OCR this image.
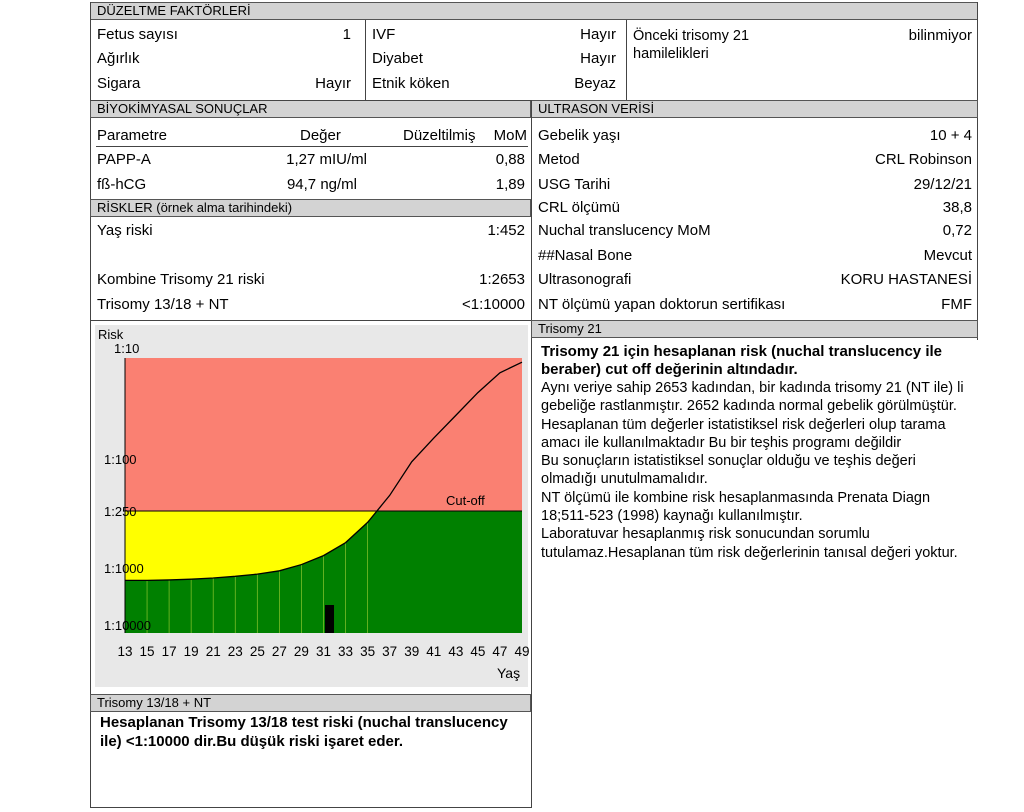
DÜZELTME FAKTÖRLERİ
Fetus sayısı	1
Ağırlık
Sigara	Hayır
IVF	Hayır
Diyabet	Hayır
Etnik köken	Beyaz
Önceki trisomy 21
hamilelikleri
bilinmiyor
BİYOKİMYASAL SONUÇLAR
Parametre	Değer	Düzeltilmiş MoM
PAPP-A	1,27 mIU/ml	0,88
fß-hCG	94,7 ng/ml	1,89
RİSKLER (örnek alma tarihindeki)
Yaş riski	1:452
Kombine Trisomy 21 riski	1:2653
Trisomy 13/18 + NT	<1:10000
ULTRASON VERİSİ
Gebelik yaşı	10 + 4
Metod	CRL Robinson
USG Tarihi	29/12/21
CRL ölçümü	38,8
Nuchal translucency MoM	0,72
##Nasal Bone	Mevcut
Ultrasonografi	KORU HASTANESİ
NT ölçümü yapan doktorun sertifikası	FMF
Risk
Yaş
Cut-off
1:10
1:100
1:250
1:1000
1:10000
13 15 17 19 21 23 25 27 29 31 33 35 37 39 41 43 45 47 49
Trisomy 21

Trisomy 21 için hesaplanan risk (nuchal translucency ile beraber) cut off değerinin altındadır.

Aynı veriye sahip 2653 kadından, bir kadında trisomy 21 (NT ile) li gebeliğe rastlanmıştır. 2652 kadında normal gebelik görülmüştür.

Hesaplanan tüm değerler istatistiksel risk değerleri olup tarama amacı ile kullanılmaktadır Bu bir teşhis programı değildir

Bu sonuçların istatistiksel sonuçlar olduğu ve teşhis değeri olmadığı unutulmamalıdır.

NT ölçümü ile kombine risk hesaplanmasında Prenata Diagn 18;511-523 (1998) kaynağı kullanılmıştır.

Laboratuvar hesaplanmış risk sonucundan sorumlu tutulamaz.Hesaplanan tüm risk değerlerinin tanısal değeri yoktur.

Trisomy 13/18 + NT
Hesaplanan Trisomy 13/18 test riski (nuchal translucency ile) <1:10000 dir.Bu düşük riski işaret eder.
